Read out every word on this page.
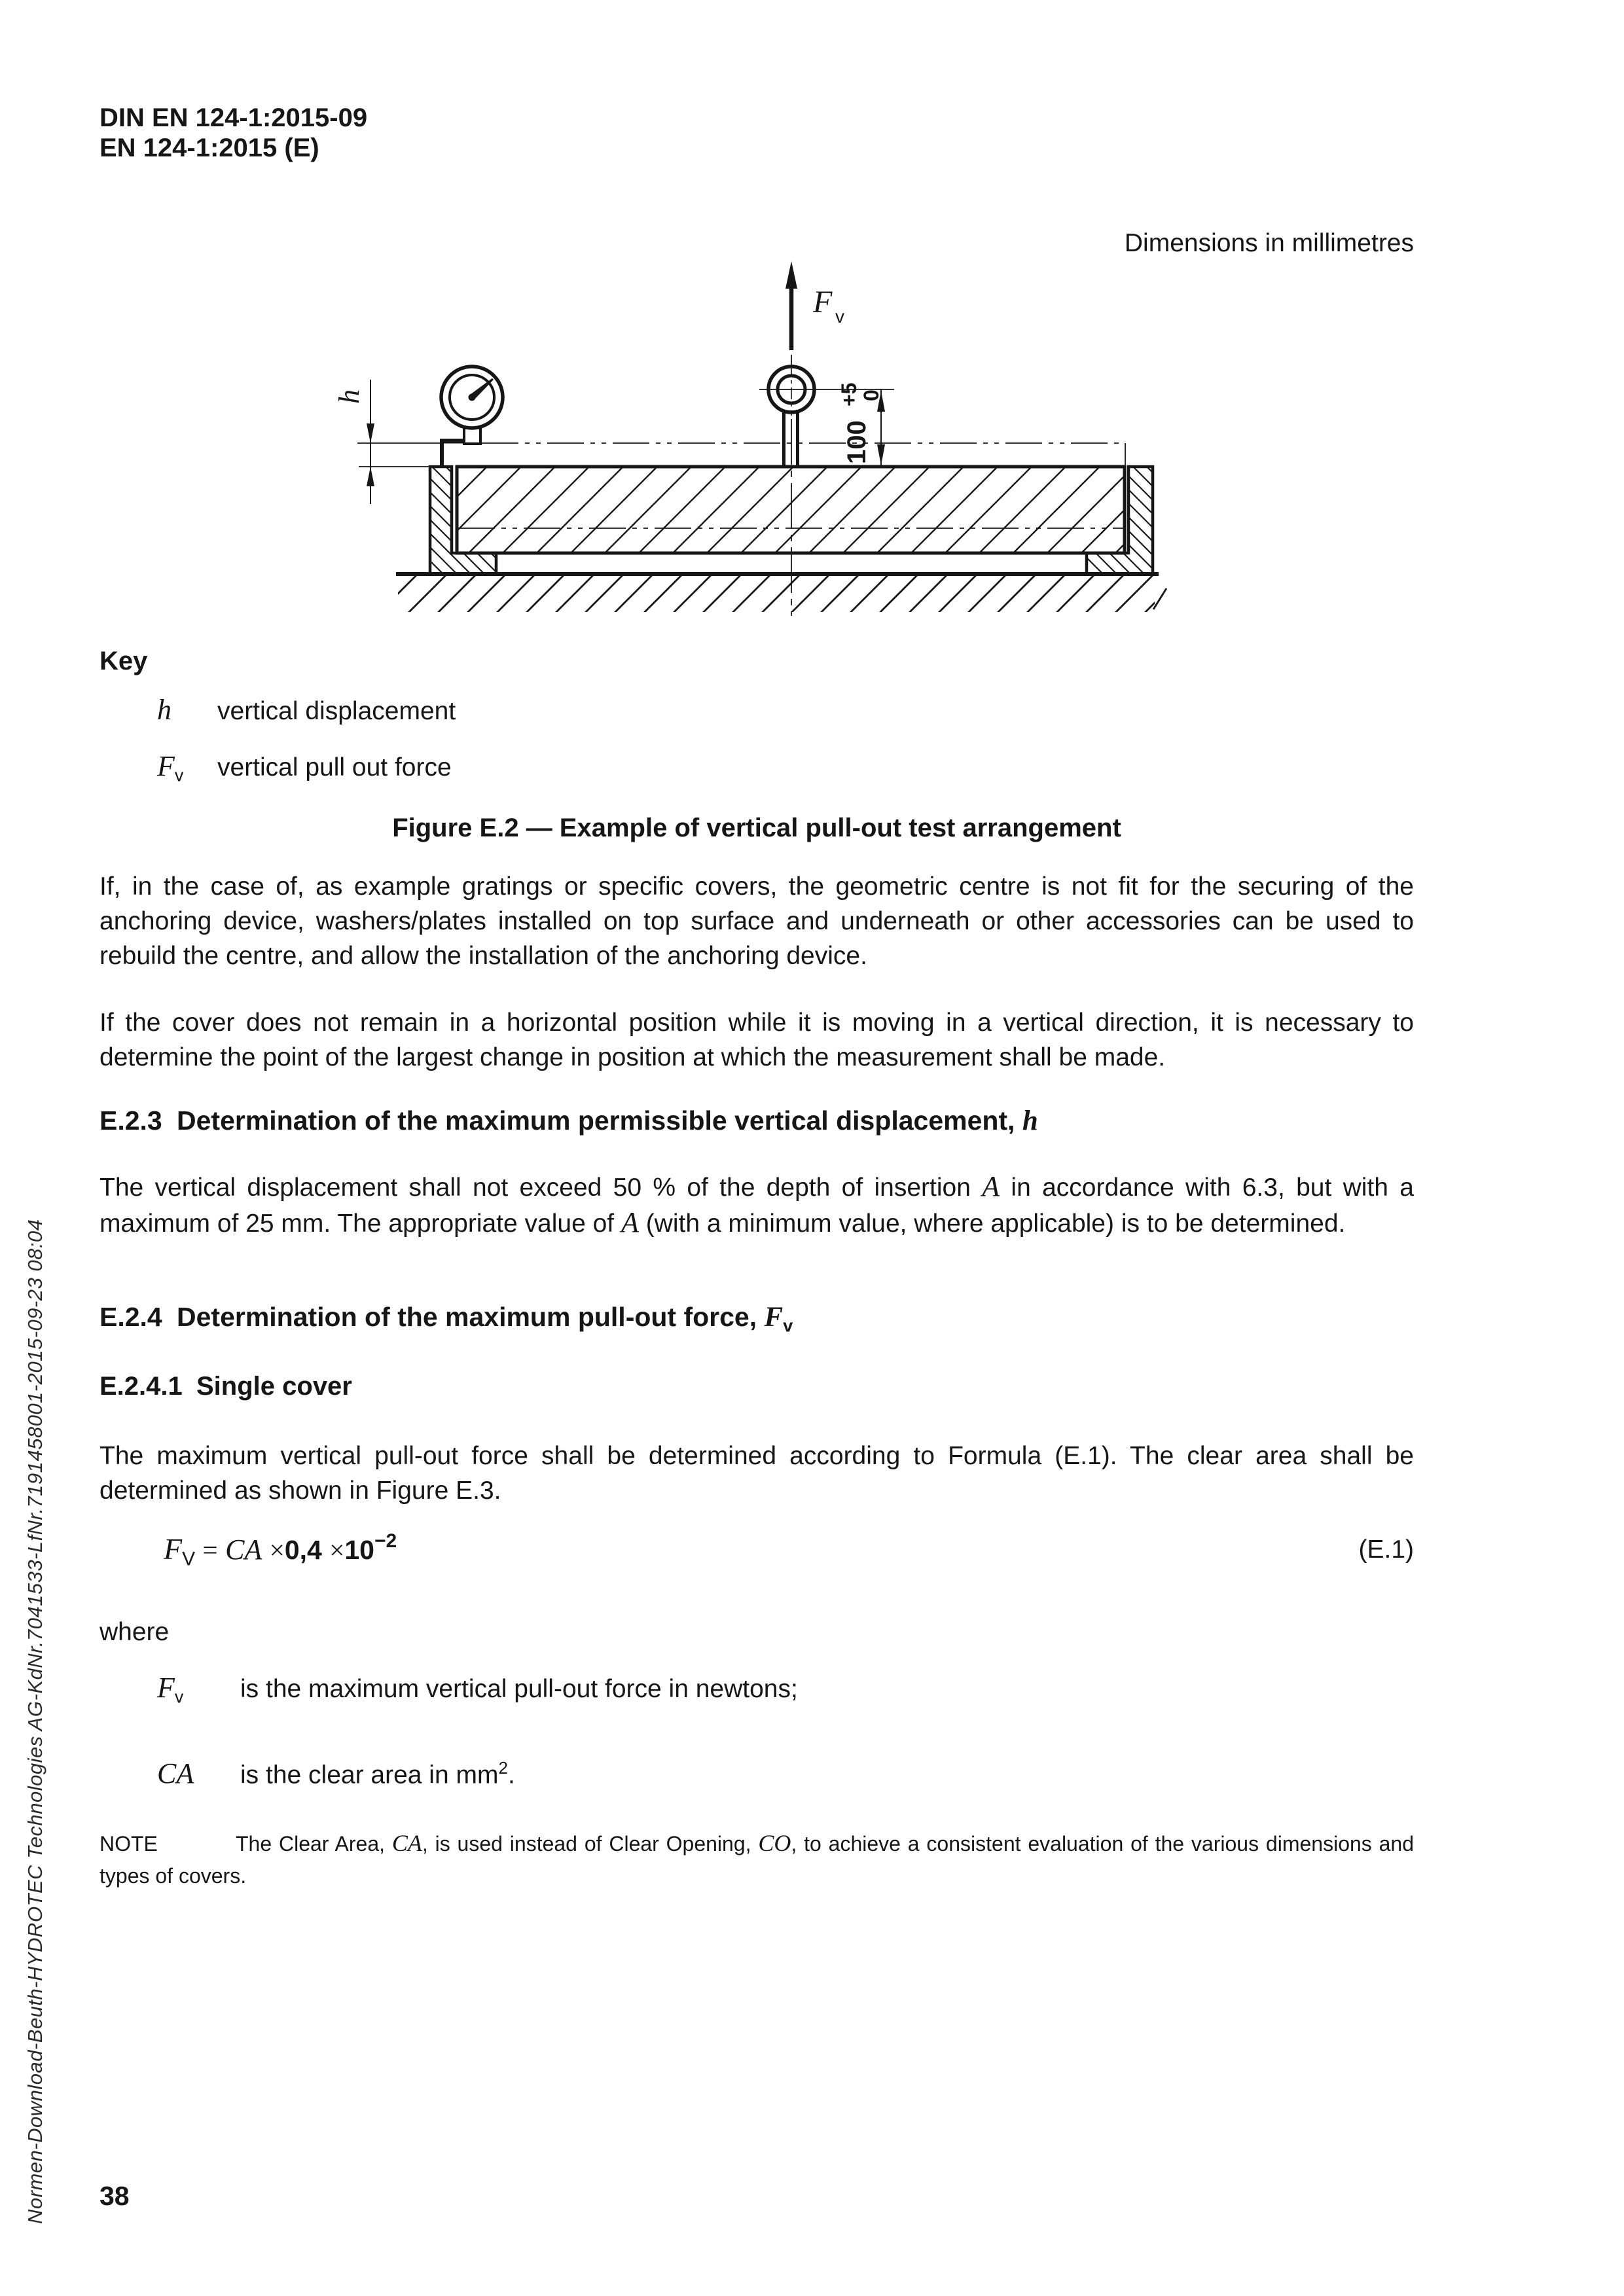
DIN EN 124-1:2015-09
EN 124-1:2015 (E)
Dimensions in millimetres
h
100
+5
0
F v
Key
h vertical displacement
$F_v$ vertical pull out force
Figure E.2 — Example of vertical pull-out test arrangement

If, in the case of, as example gratings or specific covers, the geometric centre is not fit for the securing of the anchoring device, washers/plates installed on top surface and underneath or other accessories can be used to rebuild the centre, and allow the installation of the anchoring device.

If the cover does not remain in a horizontal position while it is moving in a vertical direction, it is necessary to determine the point of the largest change in position at which the measurement shall be made.

E.2.3 Determination of the maximum permissible vertical displacement, h

The vertical displacement shall not exceed 50 % of the depth of insertion A in accordance with 6.3, but with a maximum of 25 mm. The appropriate value of A (with a minimum value, where applicable) is to be determined.

E.2.4 Determination of the maximum pull-out force, $F_v$
E.2.4.1 Single cover

The maximum vertical pull-out force shall be determined according to Formula (E.1). The clear area shall be determined as shown in Figure E.3.

$F_V$ = CA $\times 0,4 \times 10^{-2}$	(E.1)
where
$F_v$ is the maximum vertical pull-out force in newtons;
CA is the clear area in $mm^2$.

NOTE	The Clear Area, CA, is used instead of Clear Opening, CO, to achieve a consistent evaluation of the various dimensions and types of covers.

38
Normen-Download-Beuth-HYDROTEC Technologies AG-KdNr.7041533-LfNr.7191458001-2015-09-23 08:04
